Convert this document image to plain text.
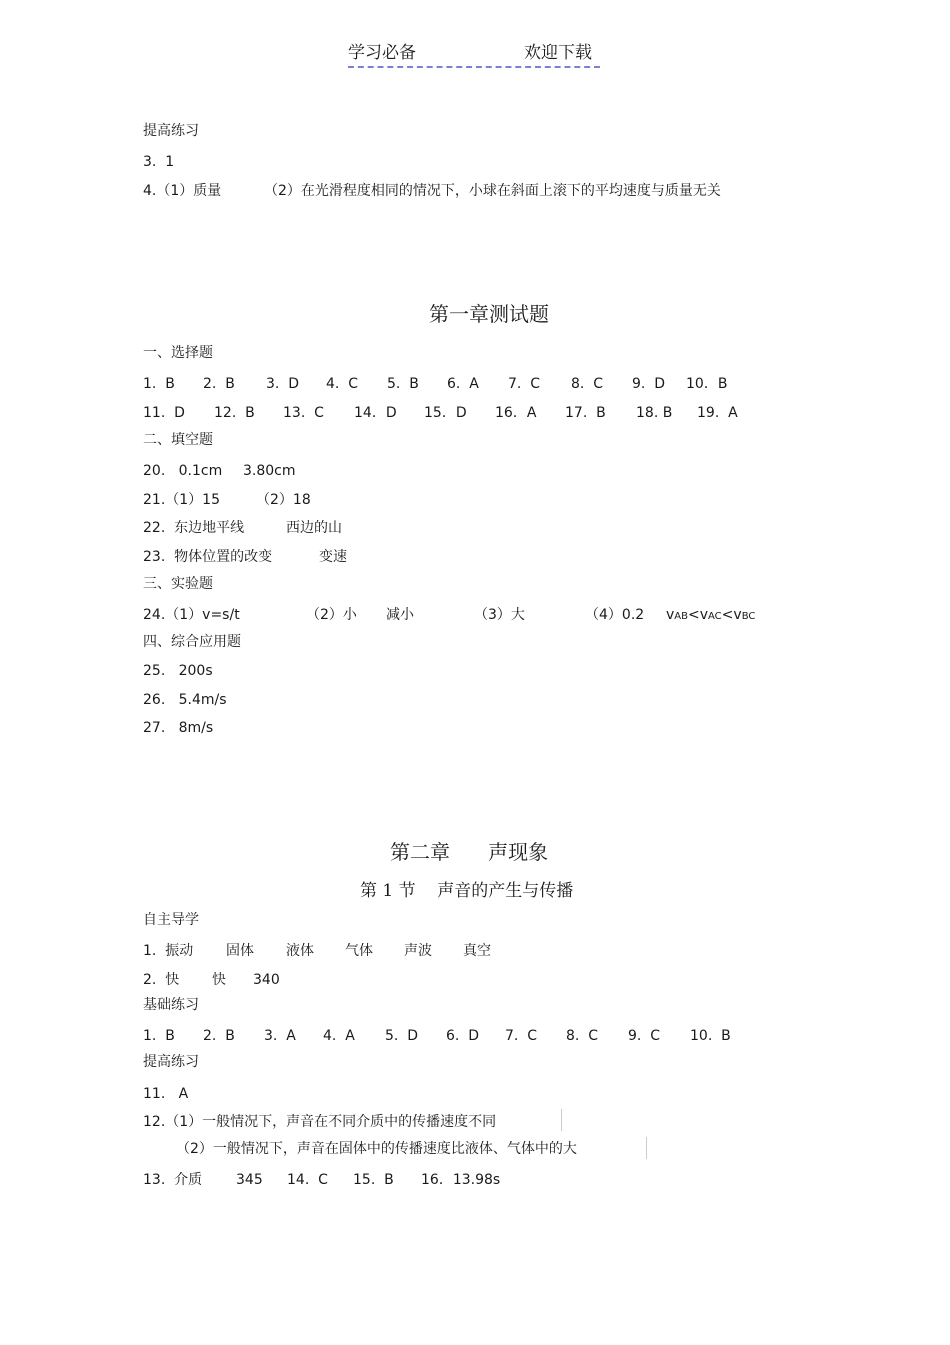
学习必备	欢迎下载
提高练习
3.  1
4.（1）质量	（2）在光滑程度相同的情况下，小球在斜面上滚下的平均速度与质量无关
第一章测试题
一、选择题
1.  B 2.  B 3.  D 4.  C 5.  B 6.  A 7.  C 8.  C 9.  D 10．B
11.  D 12.  B 13.  C 14．D 15．D 16．A 17.  B 18. B 19.  A
二、填空题
20.   0.1cm 3.80cm
21.（1）15	（2）18
22.  东边地平线	西边的山
23.  物体位置的改变	变速
三、实验题
24.（1）v=s/t	（2）小 减小	（3）大	（4）0.2 vAB<vAC<vBC
四、综合应用题
25.   200s
26.   5.4m/s
27.   8m/s
第二章      声现象
第 1 节    声音的产生与传播
自主导学
1.  振动 固体 液体 气体 声波 真空
2.  快 快 340
基础练习
1.  B 2.  B 3.  A 4.  A 5.  D 6.  D 7.  C 8.  C 9.  C 10.  B
提高练习
11.   A
12.（1）一般情况下，声音在不同介质中的传播速度不同
（2）一般情况下，声音在固体中的传播速度比液体、气体中的大
13.  介质 345 14.  C 15.  B 16．13.98s
